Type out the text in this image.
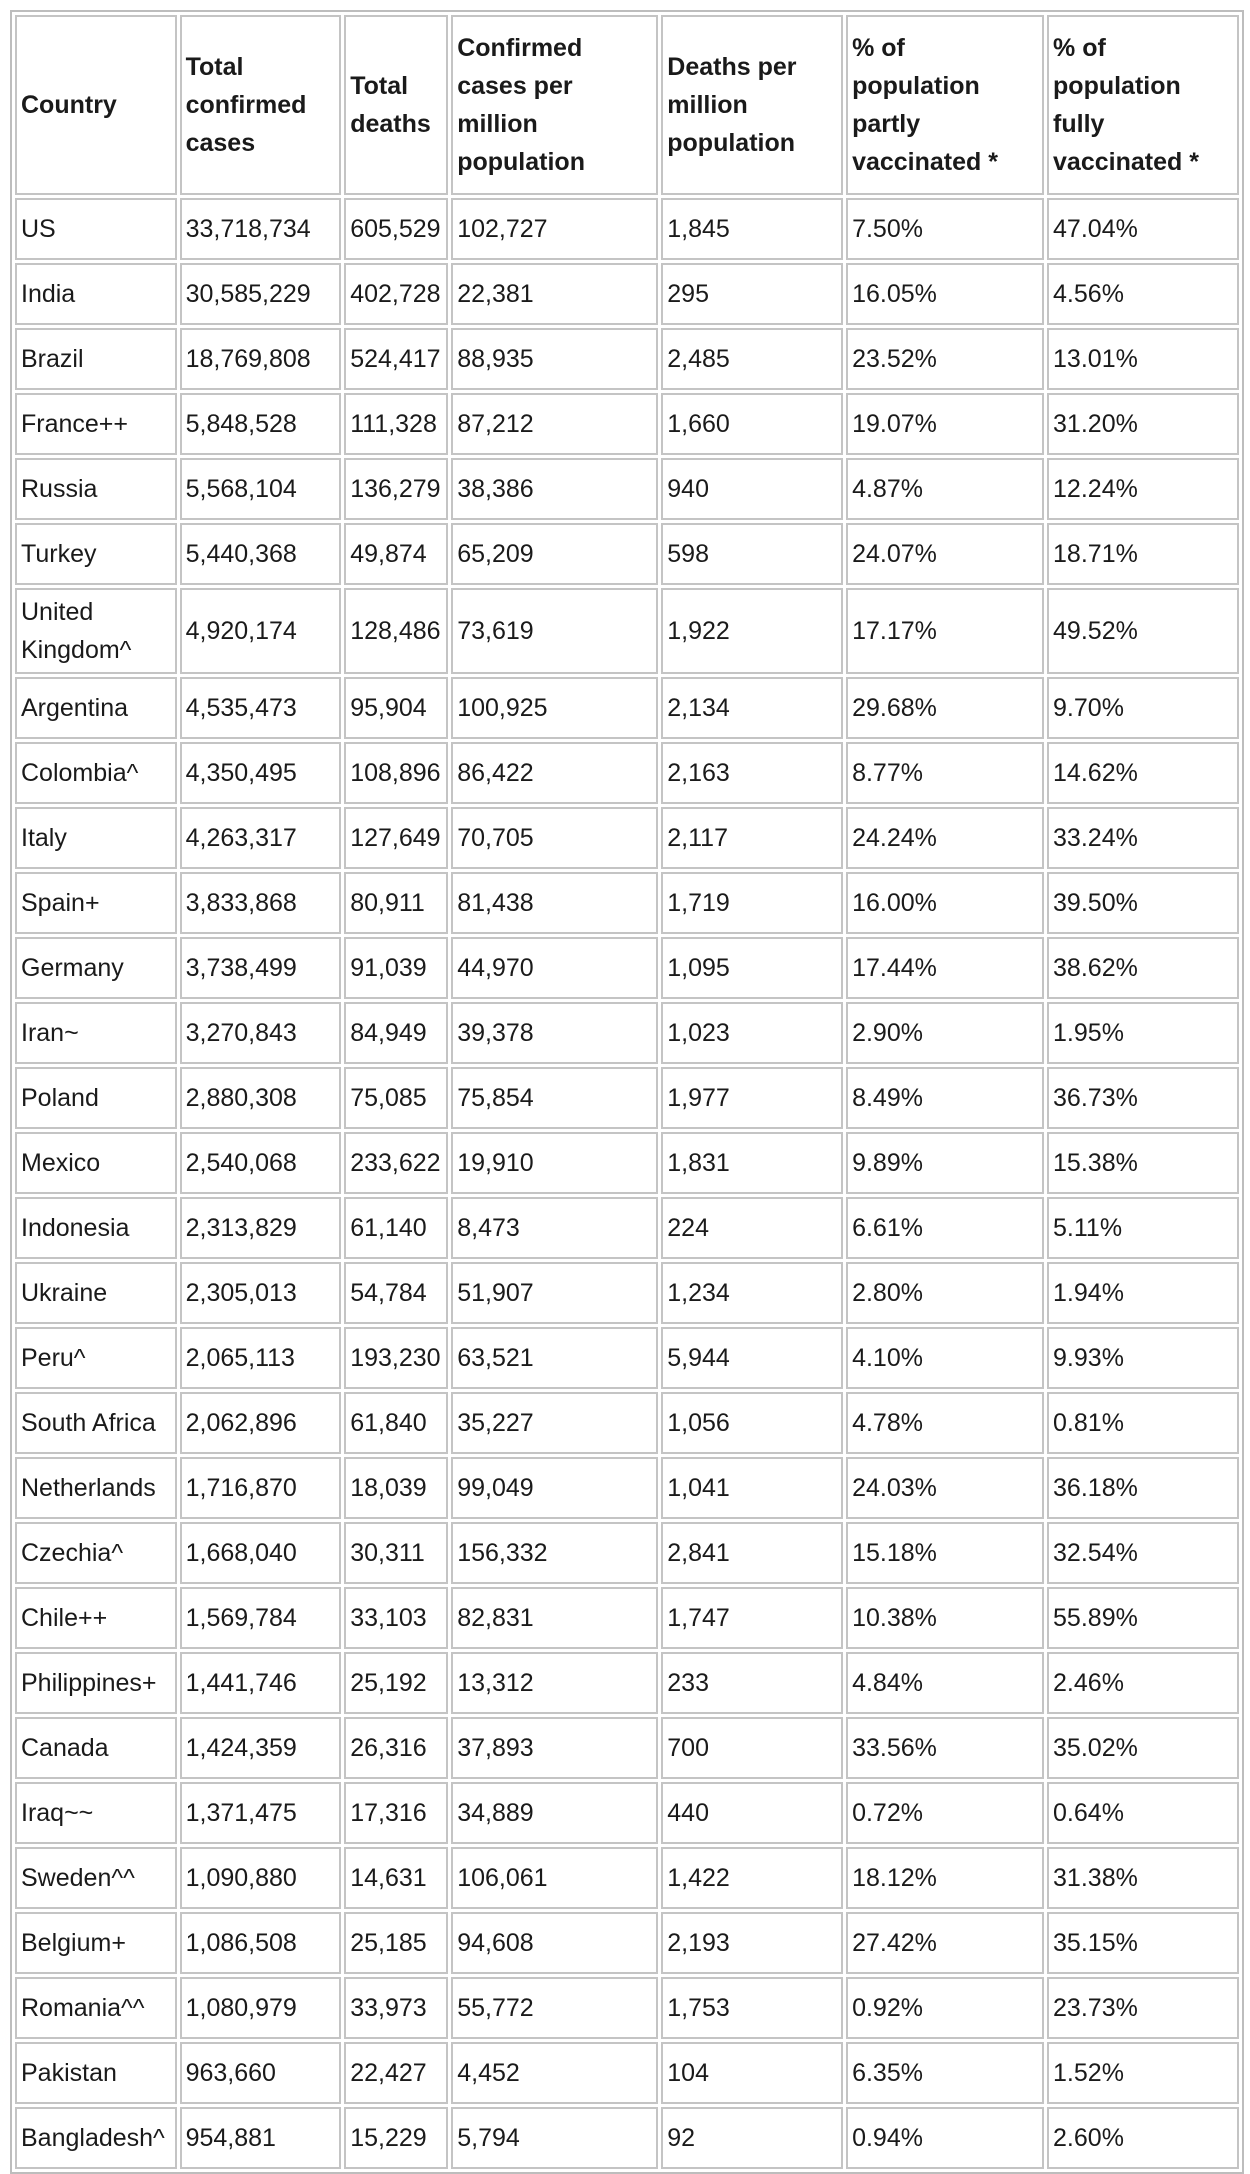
Country	Total confirmed cases	Total deaths	Confirmed cases per million population	Deaths per million population	% of population partly vaccinated *	% of population fully vaccinated *
US	33,718,734	605,529	102,727	1,845	7.50%	47.04%
India	30,585,229	402,728	22,381	295	16.05%	4.56%
Brazil	18,769,808	524,417	88,935	2,485	23.52%	13.01%
France++	5,848,528	111,328	87,212	1,660	19.07%	31.20%
Russia	5,568,104	136,279	38,386	940	4.87%	12.24%
Turkey	5,440,368	49,874	65,209	598	24.07%	18.71%
United Kingdom^	4,920,174	128,486	73,619	1,922	17.17%	49.52%
Argentina	4,535,473	95,904	100,925	2,134	29.68%	9.70%
Colombia^	4,350,495	108,896	86,422	2,163	8.77%	14.62%
Italy	4,263,317	127,649	70,705	2,117	24.24%	33.24%
Spain+	3,833,868	80,911	81,438	1,719	16.00%	39.50%
Germany	3,738,499	91,039	44,970	1,095	17.44%	38.62%
Iran~	3,270,843	84,949	39,378	1,023	2.90%	1.95%
Poland	2,880,308	75,085	75,854	1,977	8.49%	36.73%
Mexico	2,540,068	233,622	19,910	1,831	9.89%	15.38%
Indonesia	2,313,829	61,140	8,473	224	6.61%	5.11%
Ukraine	2,305,013	54,784	51,907	1,234	2.80%	1.94%
Peru^	2,065,113	193,230	63,521	5,944	4.10%	9.93%
South Africa	2,062,896	61,840	35,227	1,056	4.78%	0.81%
Netherlands	1,716,870	18,039	99,049	1,041	24.03%	36.18%
Czechia^	1,668,040	30,311	156,332	2,841	15.18%	32.54%
Chile++	1,569,784	33,103	82,831	1,747	10.38%	55.89%
Philippines+	1,441,746	25,192	13,312	233	4.84%	2.46%
Canada	1,424,359	26,316	37,893	700	33.56%	35.02%
Iraq~~	1,371,475	17,316	34,889	440	0.72%	0.64%
Sweden^^	1,090,880	14,631	106,061	1,422	18.12%	31.38%
Belgium+	1,086,508	25,185	94,608	2,193	27.42%	35.15%
Romania^^	1,080,979	33,973	55,772	1,753	0.92%	23.73%
Pakistan	963,660	22,427	4,452	104	6.35%	1.52%
Bangladesh^	954,881	15,229	5,794	92	0.94%	2.60%
